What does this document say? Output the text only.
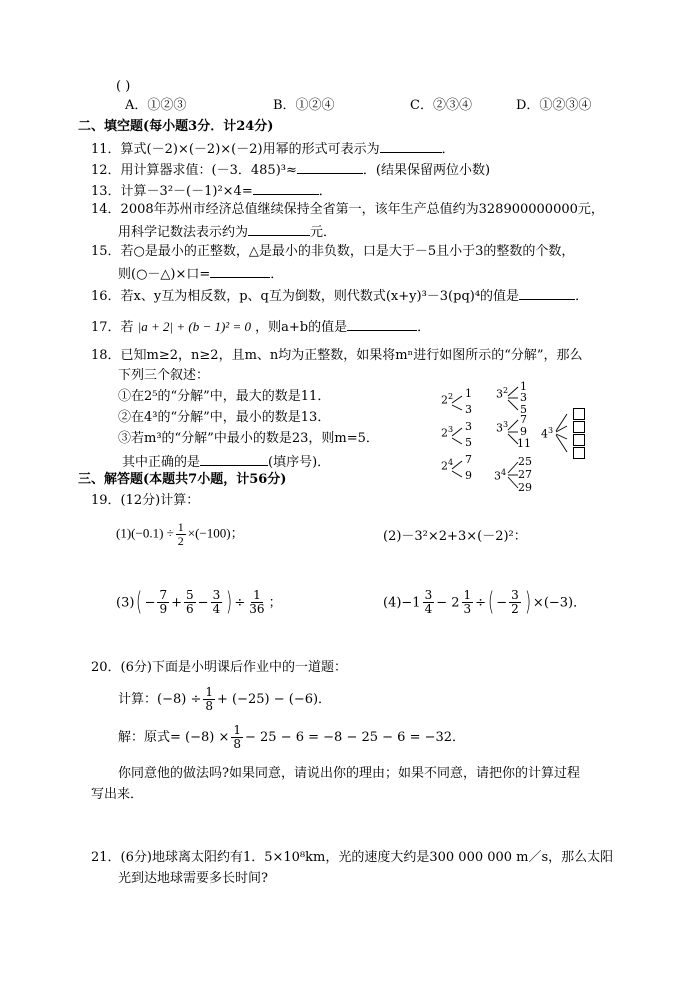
( )
A．①②③	B．①②④	C．②③④	D．①②③④
二、填空题(每小题3分．计24分)
11．算式(－2)×(－2)×(－2)用幂的形式可表示为	．
12．用计算器求值：(－3．485)³≈	．(结果保留两位小数)
13．计算－3²－(－1)²×4=	．
14．2008年苏州市经济总值继续保持全省第一，该年生产总值约为328900000000元，
用科学记数法表示约为	元．
15．若○是最小的正整数，△是最小的非负数，口是大于－5且小于3的整数的个数，
则(○－△)×口=	．
16．若x、y互为相反数，p、q互为倒数，则代数式(x+y)³－3(pq)⁴的值是	．
17．若 |a + 2| + (b − 1)² = 0 ，则a+b的值是	．
18．已知m≥2，n≥2，且m、n均为正整数，如果将mⁿ进行如图所示的“分解”，那么
下列三个叙述：
①在2⁵的“分解”中，最大的数是11．
②在4³的“分解”中，最小的数是13．
③若m³的“分解”中最小的数是23，则m=5．
其中正确的是	(填序号)．
$2^2$ 1
3
$2^3$ 3
5
$2^4$ 7
9
$3^2$ 1
3
5
$3^3$ 7
9
11
$3^4$
25
27
29
$4^3$
三、解答题(本题共7小题，计56分)
19．(12分)计算：
$(1)(-0.1) \div \frac{1}{2} \times(-100)$；	(2)－3²×2+3×(－2)²：
$(3)( - \frac{7}{9} + \frac{5}{6} - \frac{3}{4}$ ) ÷ $\frac{1}{36}$ ；	$(4)-1 \frac{3}{4} - 2 \frac{1}{3}$ ÷( − $\frac{3}{2}$ ) ×(−3)．
20．(6分)下面是小明课后作业中的一道题：
计算：$(-8) \div \frac{1}{8} + (-25) - (-6)$．
解：原式= $(-8) \times \frac{1}{8} - 25 - 6 = -8 - 25 - 6 = -32$．
你同意他的做法吗?如果同意，请说出你的理由；如果不同意，请把你的计算过程
写出来．
21．(6分)地球离太阳约有1．5×10⁸km，光的速度大约是300 000 000 m／s，那么太阳
光到达地球需要多长时间?
